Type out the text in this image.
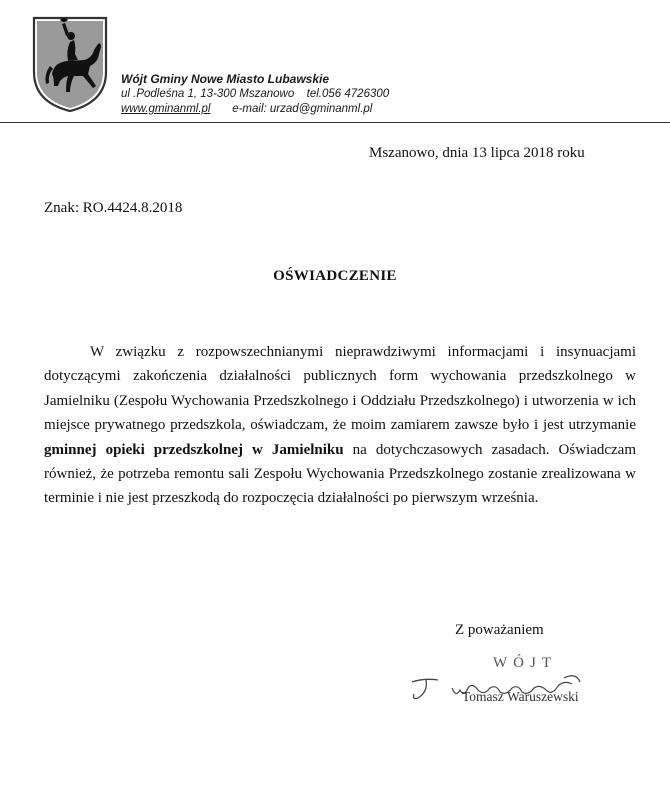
Wójt Gminy Nowe Miasto Lubawskie
ul .Podleśna 1, 13-300 Mszanowo tel.056 4726300
www.gminanml.pl e-mail: urzad@gminanml.pl
Mszanowo, dnia 13 lipca 2018 roku
Znak: RO.4424.8.2018
OŚWIADCZENIE

W związku z rozpowszechnianymi nieprawdziwymi informacjami i insynuacjami dotyczącymi zakończenia działalności publicznych form wychowania przedszkolnego w Jamielniku (Zespołu Wychowania Przedszkolnego i Oddziału Przedszkolnego) i utworzenia w ich miejsce prywatnego przedszkola, oświadczam, że moim zamiarem zawsze było i jest utrzymanie gminnej opieki przedszkolnej w Jamielniku na dotychczasowych zasadach. Oświadczam również, że potrzeba remontu sali Zespołu Wychowania Przedszkolnego zostanie zrealizowana w terminie i nie jest przeszkodą do rozpoczęcia działalności po pierwszym września.

Z poważaniem
WÓJT
Tomasz Waruszewski
